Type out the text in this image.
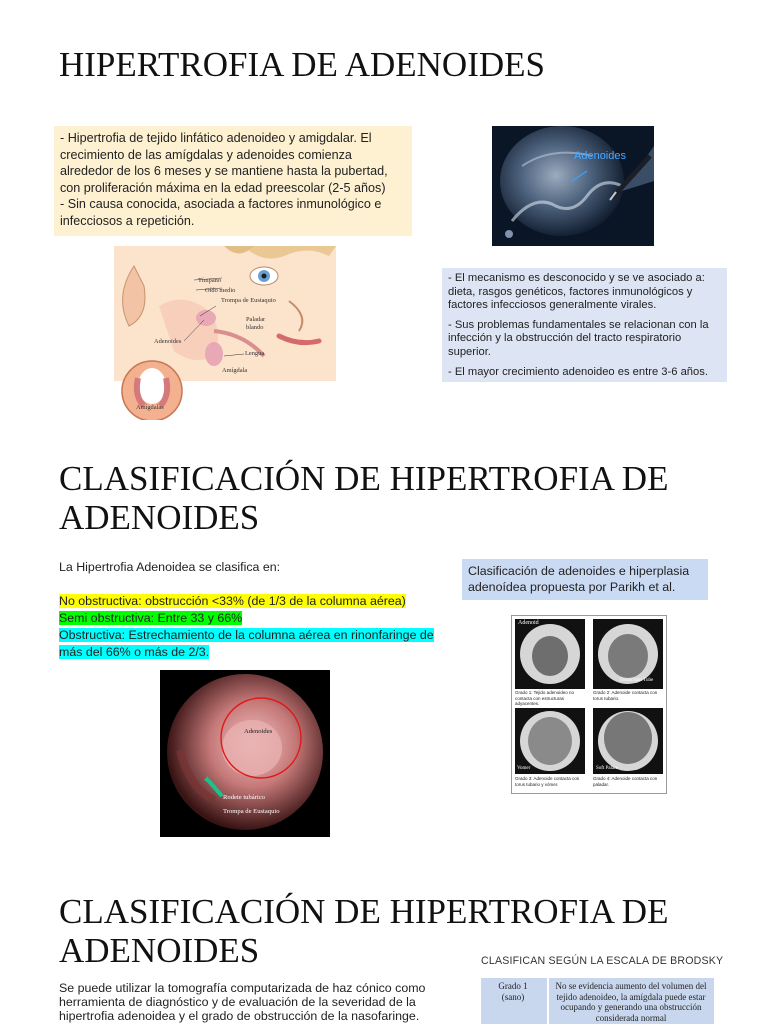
HIPERTROFIA DE ADENOIDES

- Hipertrofia de tejido linfático adenoideo y amigdalar. El crecimiento de las amígdalas y adenoides comienza alrededor de los 6 meses y se mantiene hasta la pubertad, con proliferación máxima en la edad preescolar (2-5 años)

- Sin causa conocida, asociada a factores inmunológico e infecciosos a repetición.

Adenoides
Tímpano
Oído medio
Trompa de Eustaquio
Paladar blando
Adenoides
Lengua
Amígdala
Amígdalas

- El mecanismo es desconocido y se ve asociado a: dieta, rasgos genéticos, factores inmunológicos y factores infecciosos generalmente virales.

- Sus problemas fundamentales se relacionan con la infección y la obstrucción del tracto respiratorio superior.

- El mayor crecimiento adenoideo es entre 3-6 años.

CLASIFICACIÓN DE HIPERTROFIA DE ADENOIDES
La Hipertrofia Adenoidea se clasifica en:
No obstructiva: obstrucción <33% (de 1/3 de la columna aérea)
Semi obstructiva: Entre 33 y 66%
Obstructiva: Estrechamiento de la columna aérea en rinonfaringe de más del 66% o más de 2/3.
Clasificación de adenoides e hiperplasia adenoídea propuesta por Parikh et al.
Adenoides
Rodete tubárico
Trompa de Eustaquio
Adenoid
Eustachian Tube
Vomer	Soft Palate
Grado 1: Tejido adenoideo no contacta con estructuras adyacentes.
Grado 2: Adenoide contacta con torus tubario.
Grado 3: Adenoide contacta con torus tubario y vómer.
Grado 4: Adenoide contacta con paladar.
CLASIFICACIÓN DE HIPERTROFIA DE ADENOIDES
Se puede utilizar la tomografía computarizada de haz cónico como herramienta de diagnóstico y de evaluación de la severidad de la hipertrofia adenoidea y el grado de obstrucción de la nasofaringe.
CLASIFICAN SEGÚN LA ESCALA DE BRODSKY
Grado 1
(sano)
No se evidencia aumento del volumen del tejido adenoideo, la amígdala puede estar ocupando y generando una obstrucción considerada normal
